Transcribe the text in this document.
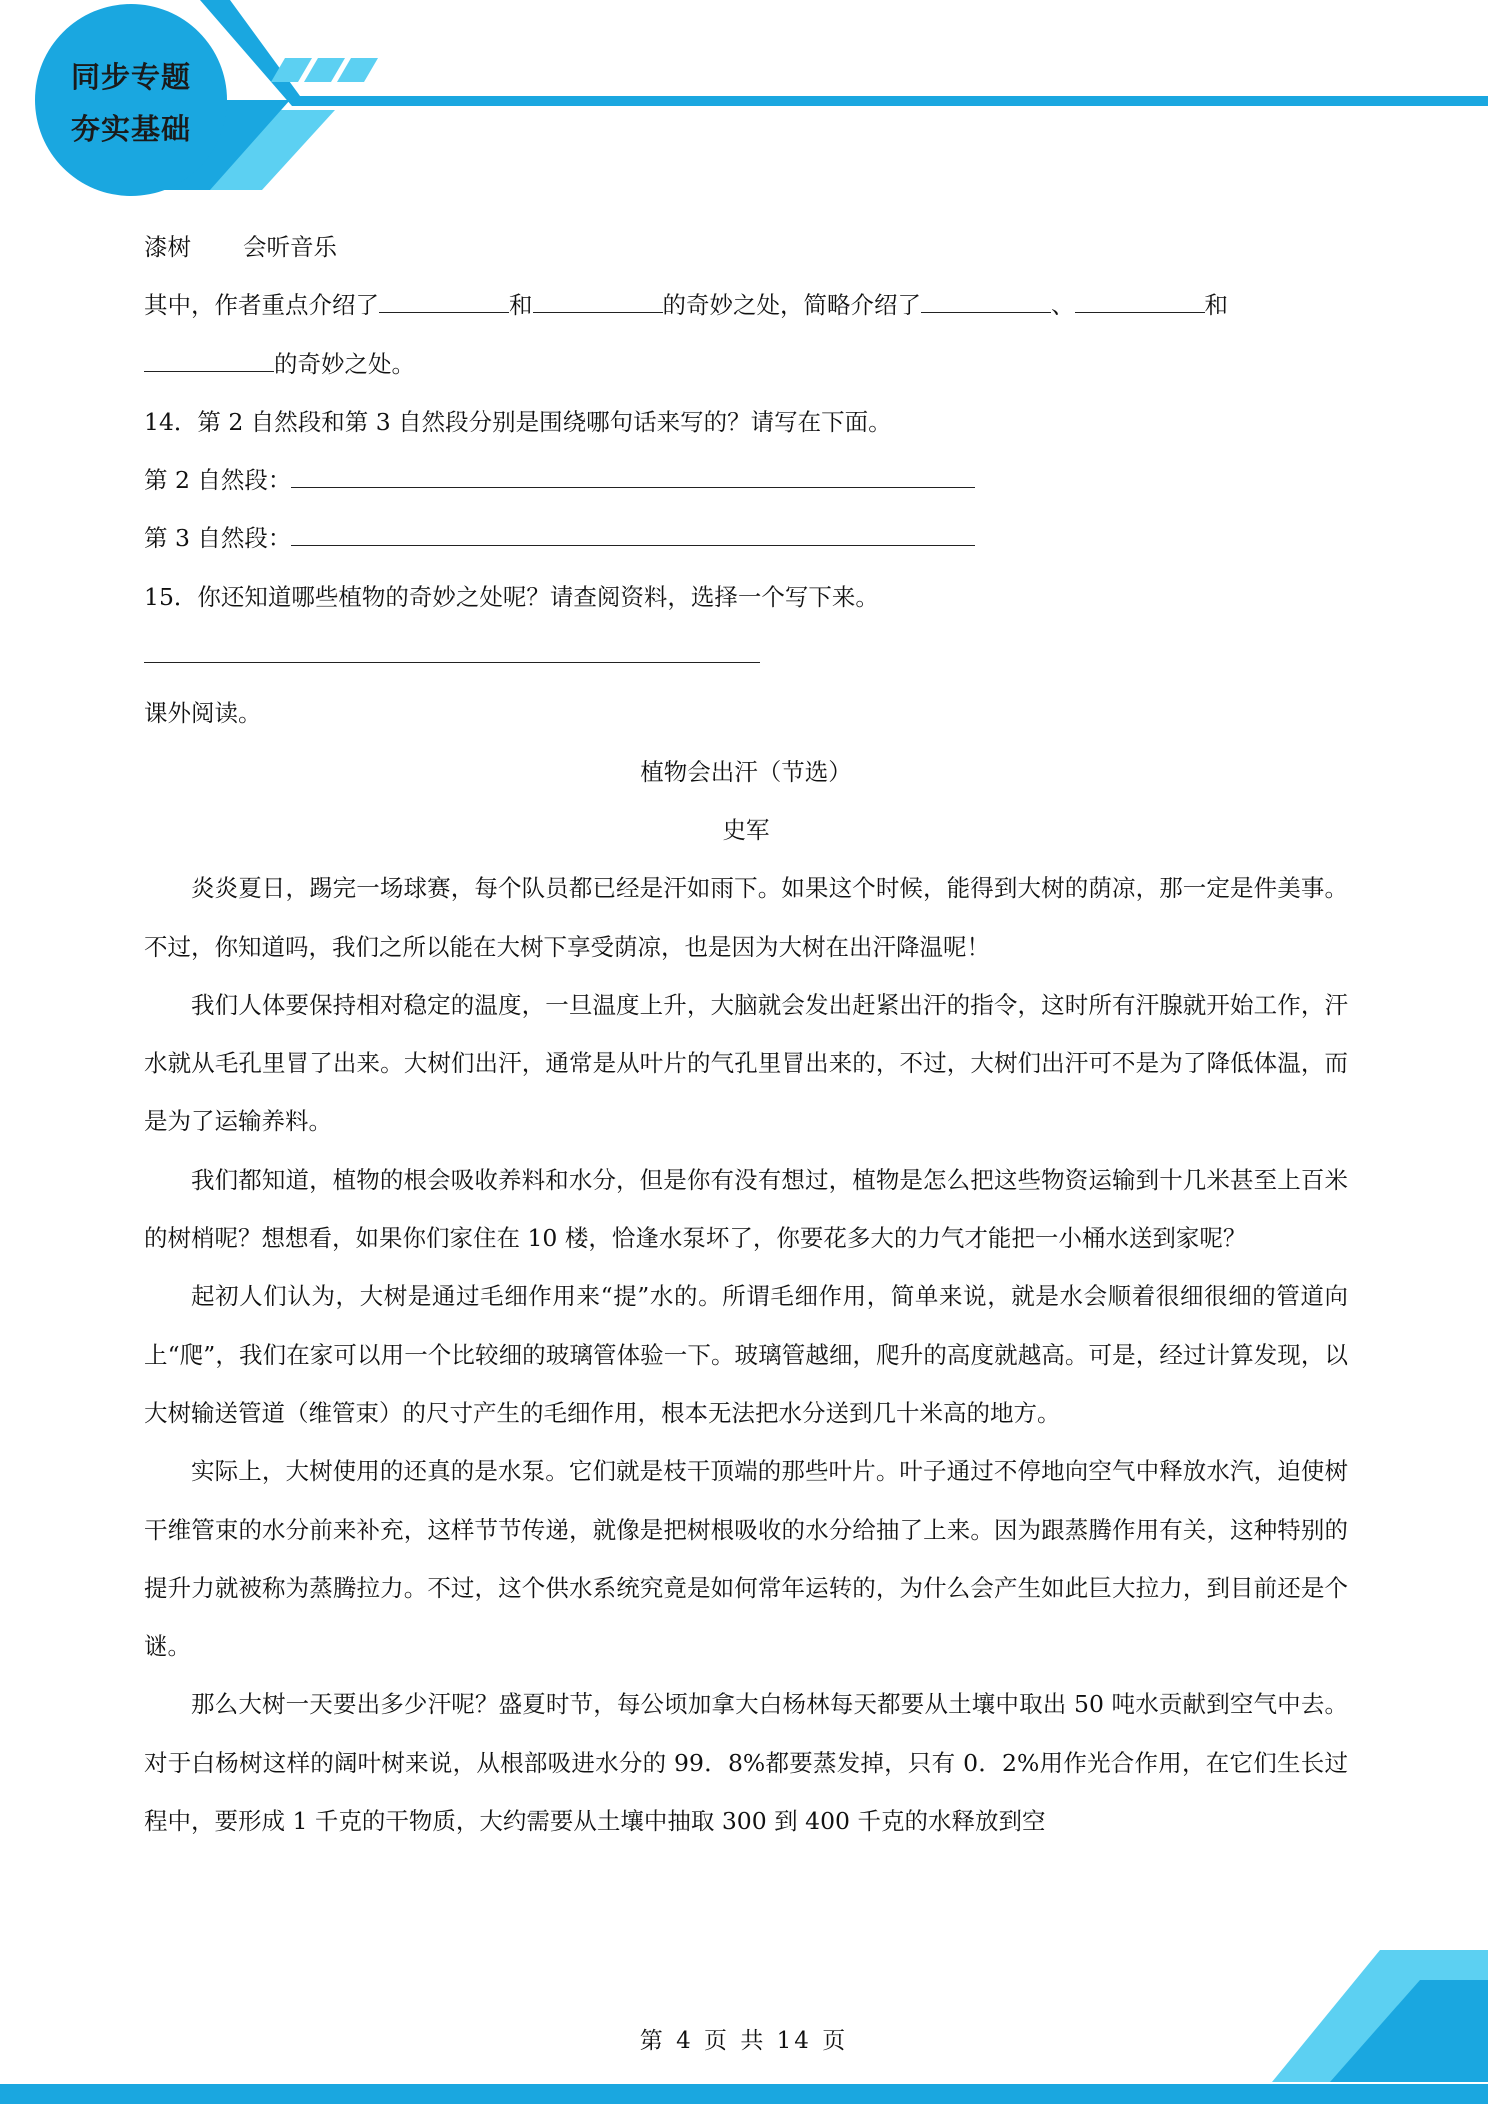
同步专题
夯实基础
漆树 会听音乐
其中，作者重点介绍了	和	的奇妙之处，简略介绍了	、	和
的奇妙之处。
14．第 2 自然段和第 3 自然段分别是围绕哪句话来写的？请写在下面。
第 2 自然段：
第 3 自然段：
15．你还知道哪些植物的奇妙之处呢？请查阅资料，选择一个写下来。
课外阅读。
植物会出汗（节选）
史军

炎炎夏日，踢完一场球赛，每个队员都已经是汗如雨下。如果这个时候，能得到大树的荫凉，那一定是件美事。不过，你知道吗，我们之所以能在大树下享受荫凉，也是因为大树在出汗降温呢！

我们人体要保持相对稳定的温度，一旦温度上升，大脑就会发出赶紧出汗的指令，这时所有汗腺就开始工作，汗水就从毛孔里冒了出来。大树们出汗，通常是从叶片的气孔里冒出来的，不过，大树们出汗可不是为了降低体温，而是为了运输养料。

我们都知道，植物的根会吸收养料和水分，但是你有没有想过，植物是怎么把这些物资运输到十几米甚至上百米的树梢呢？想想看，如果你们家住在 10 楼，恰逢水泵坏了，你要花多大的力气才能把一小桶水送到家呢？

起初人们认为，大树是通过毛细作用来“提”水的。所谓毛细作用，简单来说，就是水会顺着很细很细的管道向上“爬”，我们在家可以用一个比较细的玻璃管体验一下。玻璃管越细，爬升的高度就越高。可是，经过计算发现，以大树输送管道（维管束）的尺寸产生的毛细作用，根本无法把水分送到几十米高的地方。

实际上，大树使用的还真的是水泵。它们就是枝干顶端的那些叶片。叶子通过不停地向空气中释放水汽，迫使树干维管束的水分前来补充，这样节节传递，就像是把树根吸收的水分给抽了上来。因为跟蒸腾作用有关，这种特别的提升力就被称为蒸腾拉力。不过，这个供水系统究竟是如何常年运转的，为什么会产生如此巨大拉力，到目前还是个谜。

那么大树一天要出多少汗呢？盛夏时节，每公顷加拿大白杨林每天都要从土壤中取出 50 吨水贡献到空气中去。对于白杨树这样的阔叶树来说，从根部吸进水分的 99．8%都要蒸发掉，只有 0．2%用作光合作用，在它们生长过程中，要形成 1 千克的干物质，大约需要从土壤中抽取 300 到 400 千克的水释放到空

第 4 页 共 14 页
